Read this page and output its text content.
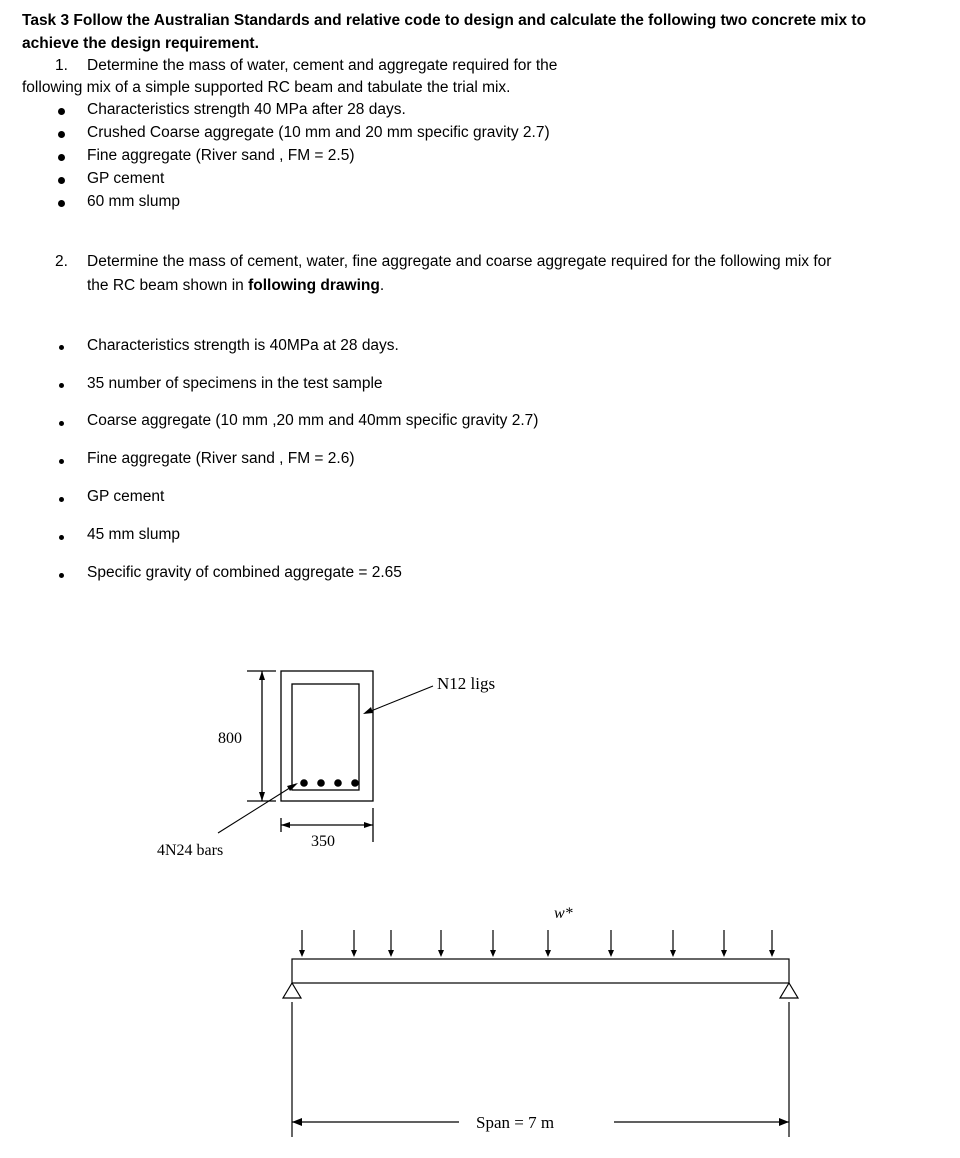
Task 3 Follow the Australian Standards and relative code to design and calculate the following two concrete mix to
achieve the design requirement.
1. Determine the mass of water, cement and aggregate required for the
following mix of a simple supported RC beam and tabulate the trial mix.
Characteristics strength 40 MPa after 28 days.
Crushed Coarse aggregate (10 mm and 20 mm specific gravity 2.7)
Fine aggregate (River sand , FM = 2.5)
GP cement
60 mm slump
2. Determine the mass of cement, water, fine aggregate and coarse aggregate required for the following mix for
the RC beam shown in following drawing.
Characteristics strength is 40MPa at 28 days.
35 number of specimens in the test sample
Coarse aggregate (10 mm ,20 mm and 40mm specific gravity 2.7)
Fine aggregate (River sand , FM = 2.6)
GP cement
45 mm slump
Specific gravity of combined aggregate = 2.65
800
350
N12 ligs
4N24 bars
w*
Span = 7 m
